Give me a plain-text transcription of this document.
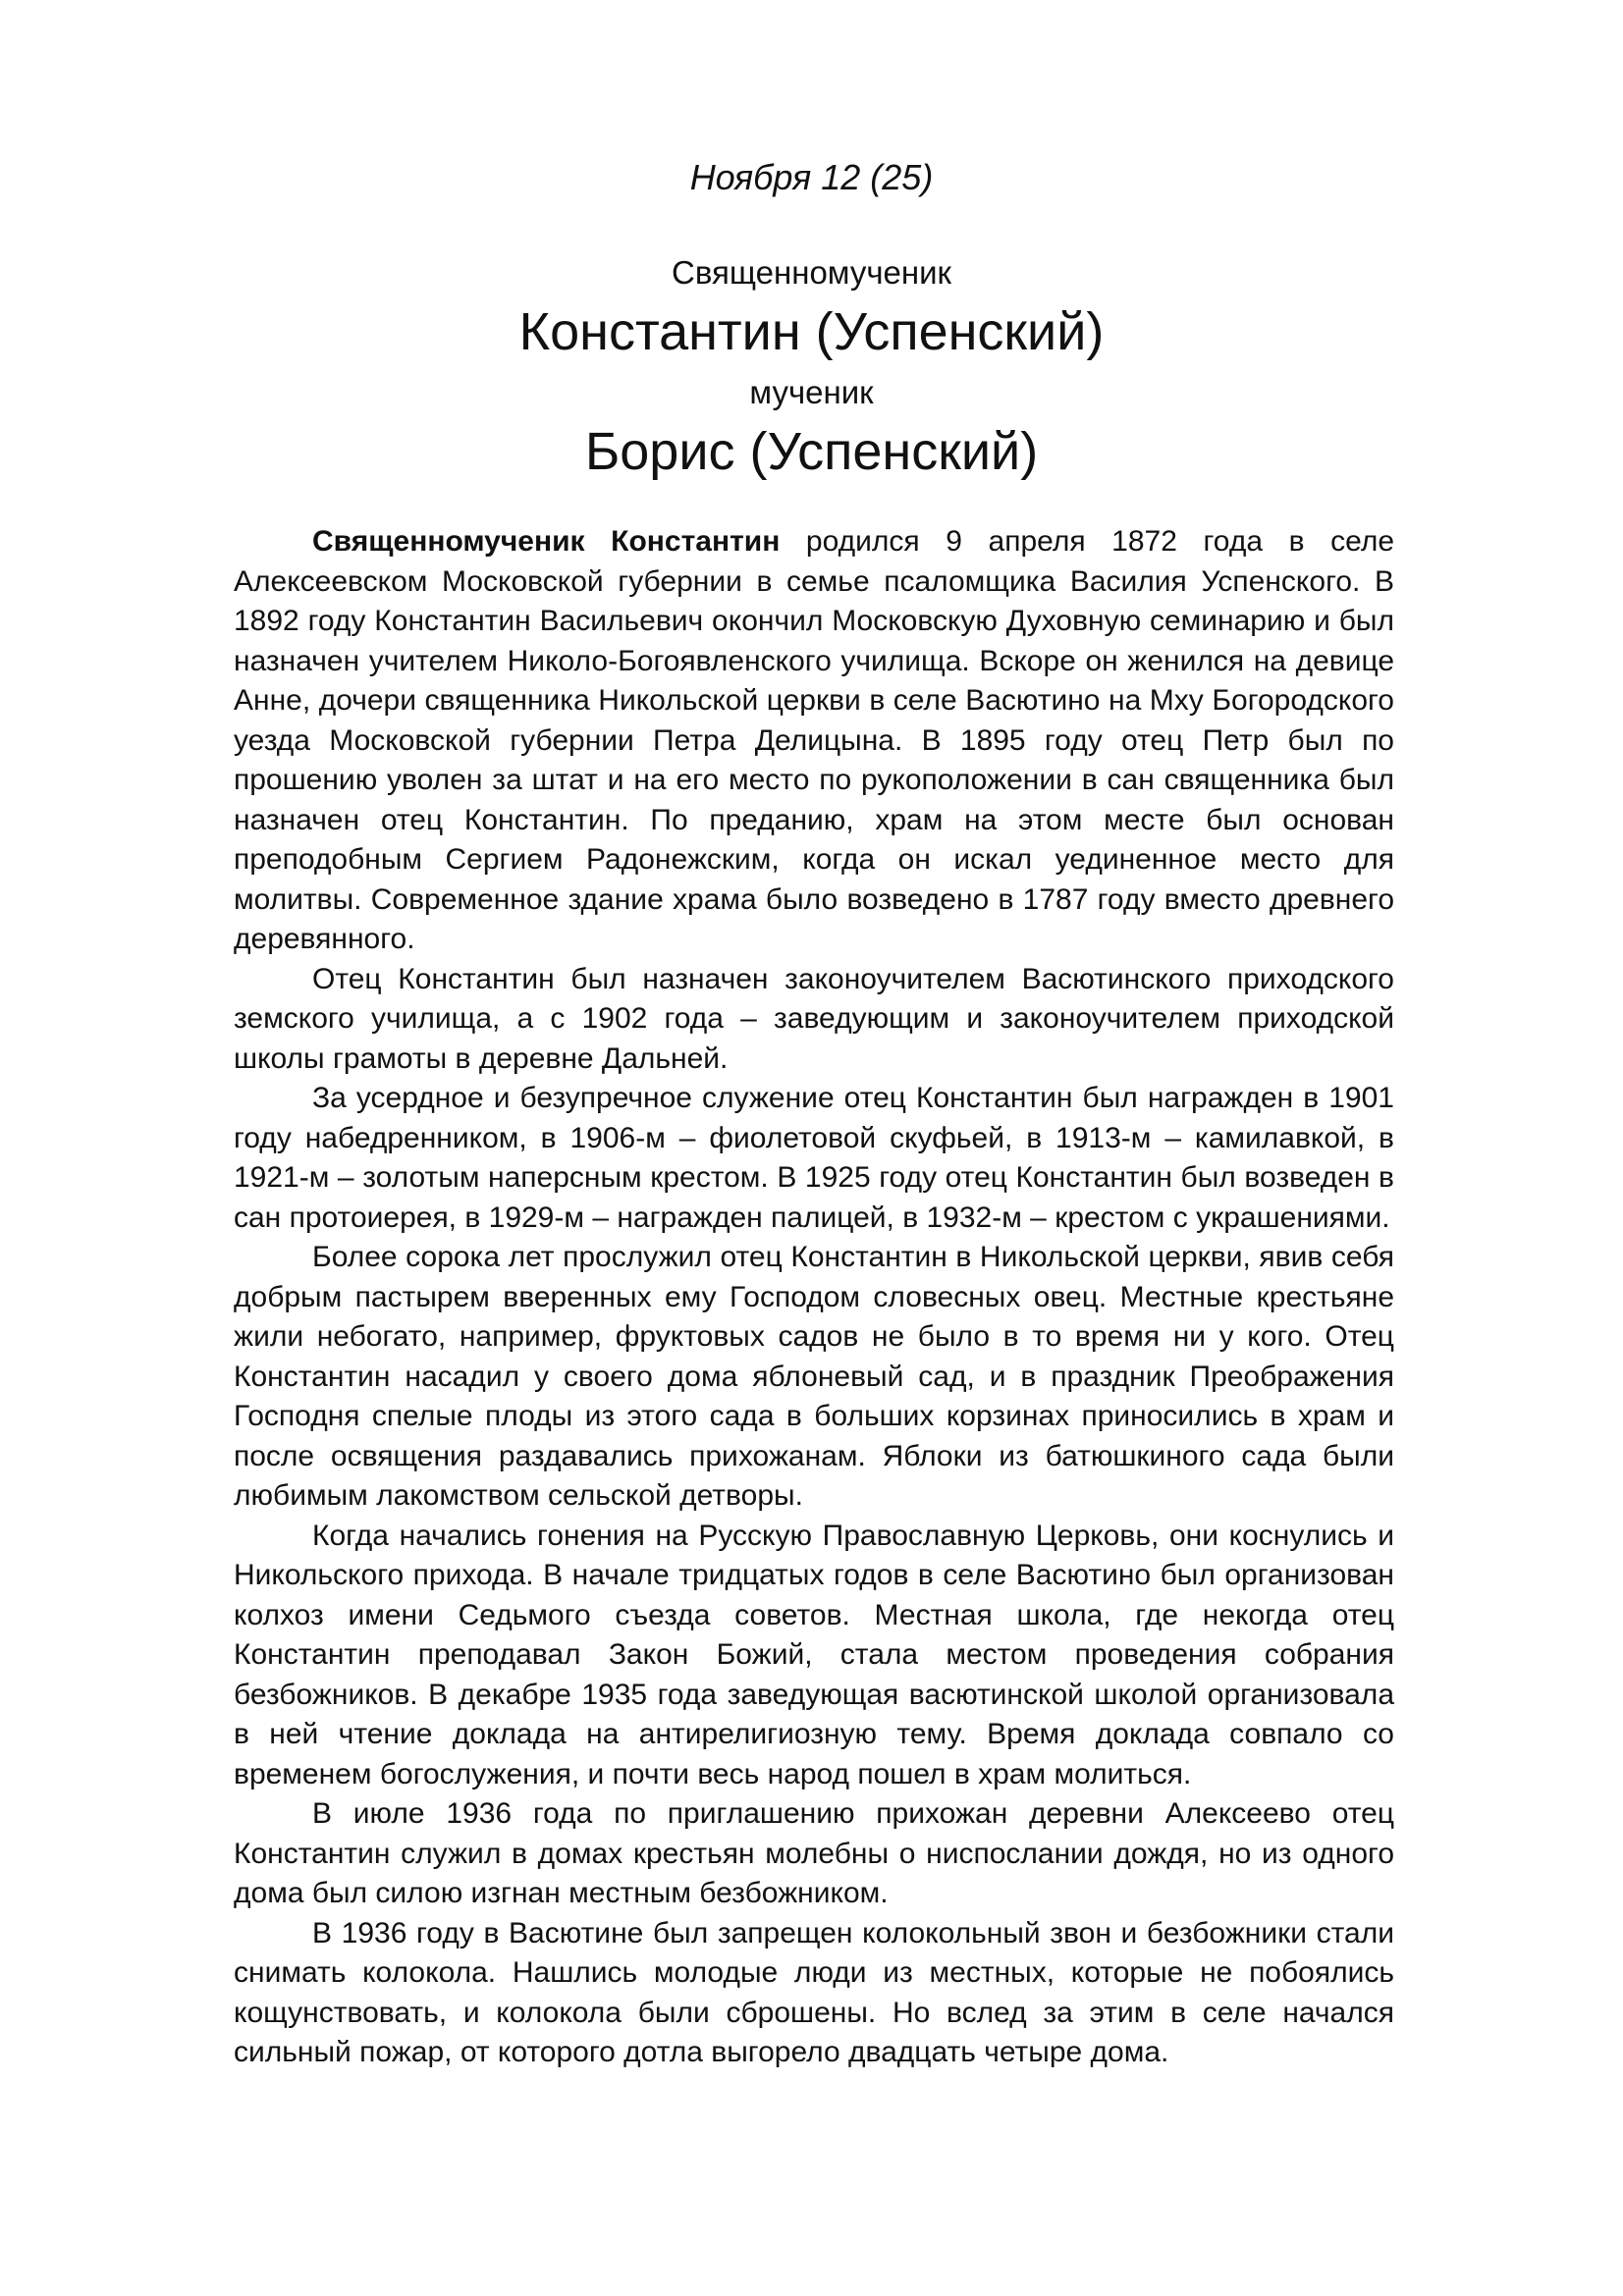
Ноября 12 (25)
Священномученик
Константин (Успенский)
мученик
Борис (Успенский)

Священномученик Константин родился 9 апреля 1872 года в селе Алексеевском Московской губернии в семье псаломщика Василия Успенского. В 1892 году Константин Васильевич окончил Московскую Духовную семинарию и был назначен учителем Николо-Богоявленского училища. Вскоре он женился на девице Анне, дочери священника Никольской церкви в селе Васютино на Мху Богородского уезда Московской губернии Петра Делицына. В 1895 году отец Петр был по прошению уволен за штат и на его место по рукоположении в сан священника был назначен отец Константин. По преданию, храм на этом месте был основан преподобным Сергием Радонежским, когда он искал уединенное место для молитвы. Современное здание храма было возведено в 1787 году вместо древнего деревянного.

Отец Константин был назначен законоучителем Васютинского приходского земского училища, а с 1902 года – заведующим и законоучителем приходской школы грамоты в деревне Дальней.

За усердное и безупречное служение отец Константин был награжден в 1901 году набедренником, в 1906-м – фиолетовой скуфьей, в 1913-м – камилавкой, в 1921-м – золотым наперсным крестом. В 1925 году отец Константин был возведен в сан протоиерея, в 1929-м – награжден палицей, в 1932-м – крестом с украшениями.

Более сорока лет прослужил отец Константин в Никольской церкви, явив себя добрым пастырем вверенных ему Господом словесных овец. Местные крестьяне жили небогато, например, фруктовых садов не было в то время ни у кого. Отец Константин насадил у своего дома яблоневый сад, и в праздник Преображения Господня спелые плоды из этого сада в больших корзинах приносились в храм и после освящения раздавались прихожанам. Яблоки из батюшкиного сада были любимым лакомством сельской детворы.

Когда начались гонения на Русскую Православную Церковь, они коснулись и Никольского прихода. В начале тридцатых годов в селе Васютино был организован колхоз имени Седьмого съезда советов. Местная школа, где некогда отец Константин преподавал Закон Божий, стала местом проведения собрания безбожников. В декабре 1935 года заведующая васютинской школой организовала в ней чтение доклада на антирелигиозную тему. Время доклада совпало со временем богослужения, и почти весь народ пошел в храм молиться.

В июле 1936 года по приглашению прихожан деревни Алексеево отец Константин служил в домах крестьян молебны о ниспослании дождя, но из одного дома был силою изгнан местным безбожником.

В 1936 году в Васютине был запрещен колокольный звон и безбожники стали снимать колокола. Нашлись молодые люди из местных, которые не побоялись кощунствовать, и колокола были сброшены. Но вслед за этим в селе начался сильный пожар, от которого дотла выгорело двадцать четыре дома.
